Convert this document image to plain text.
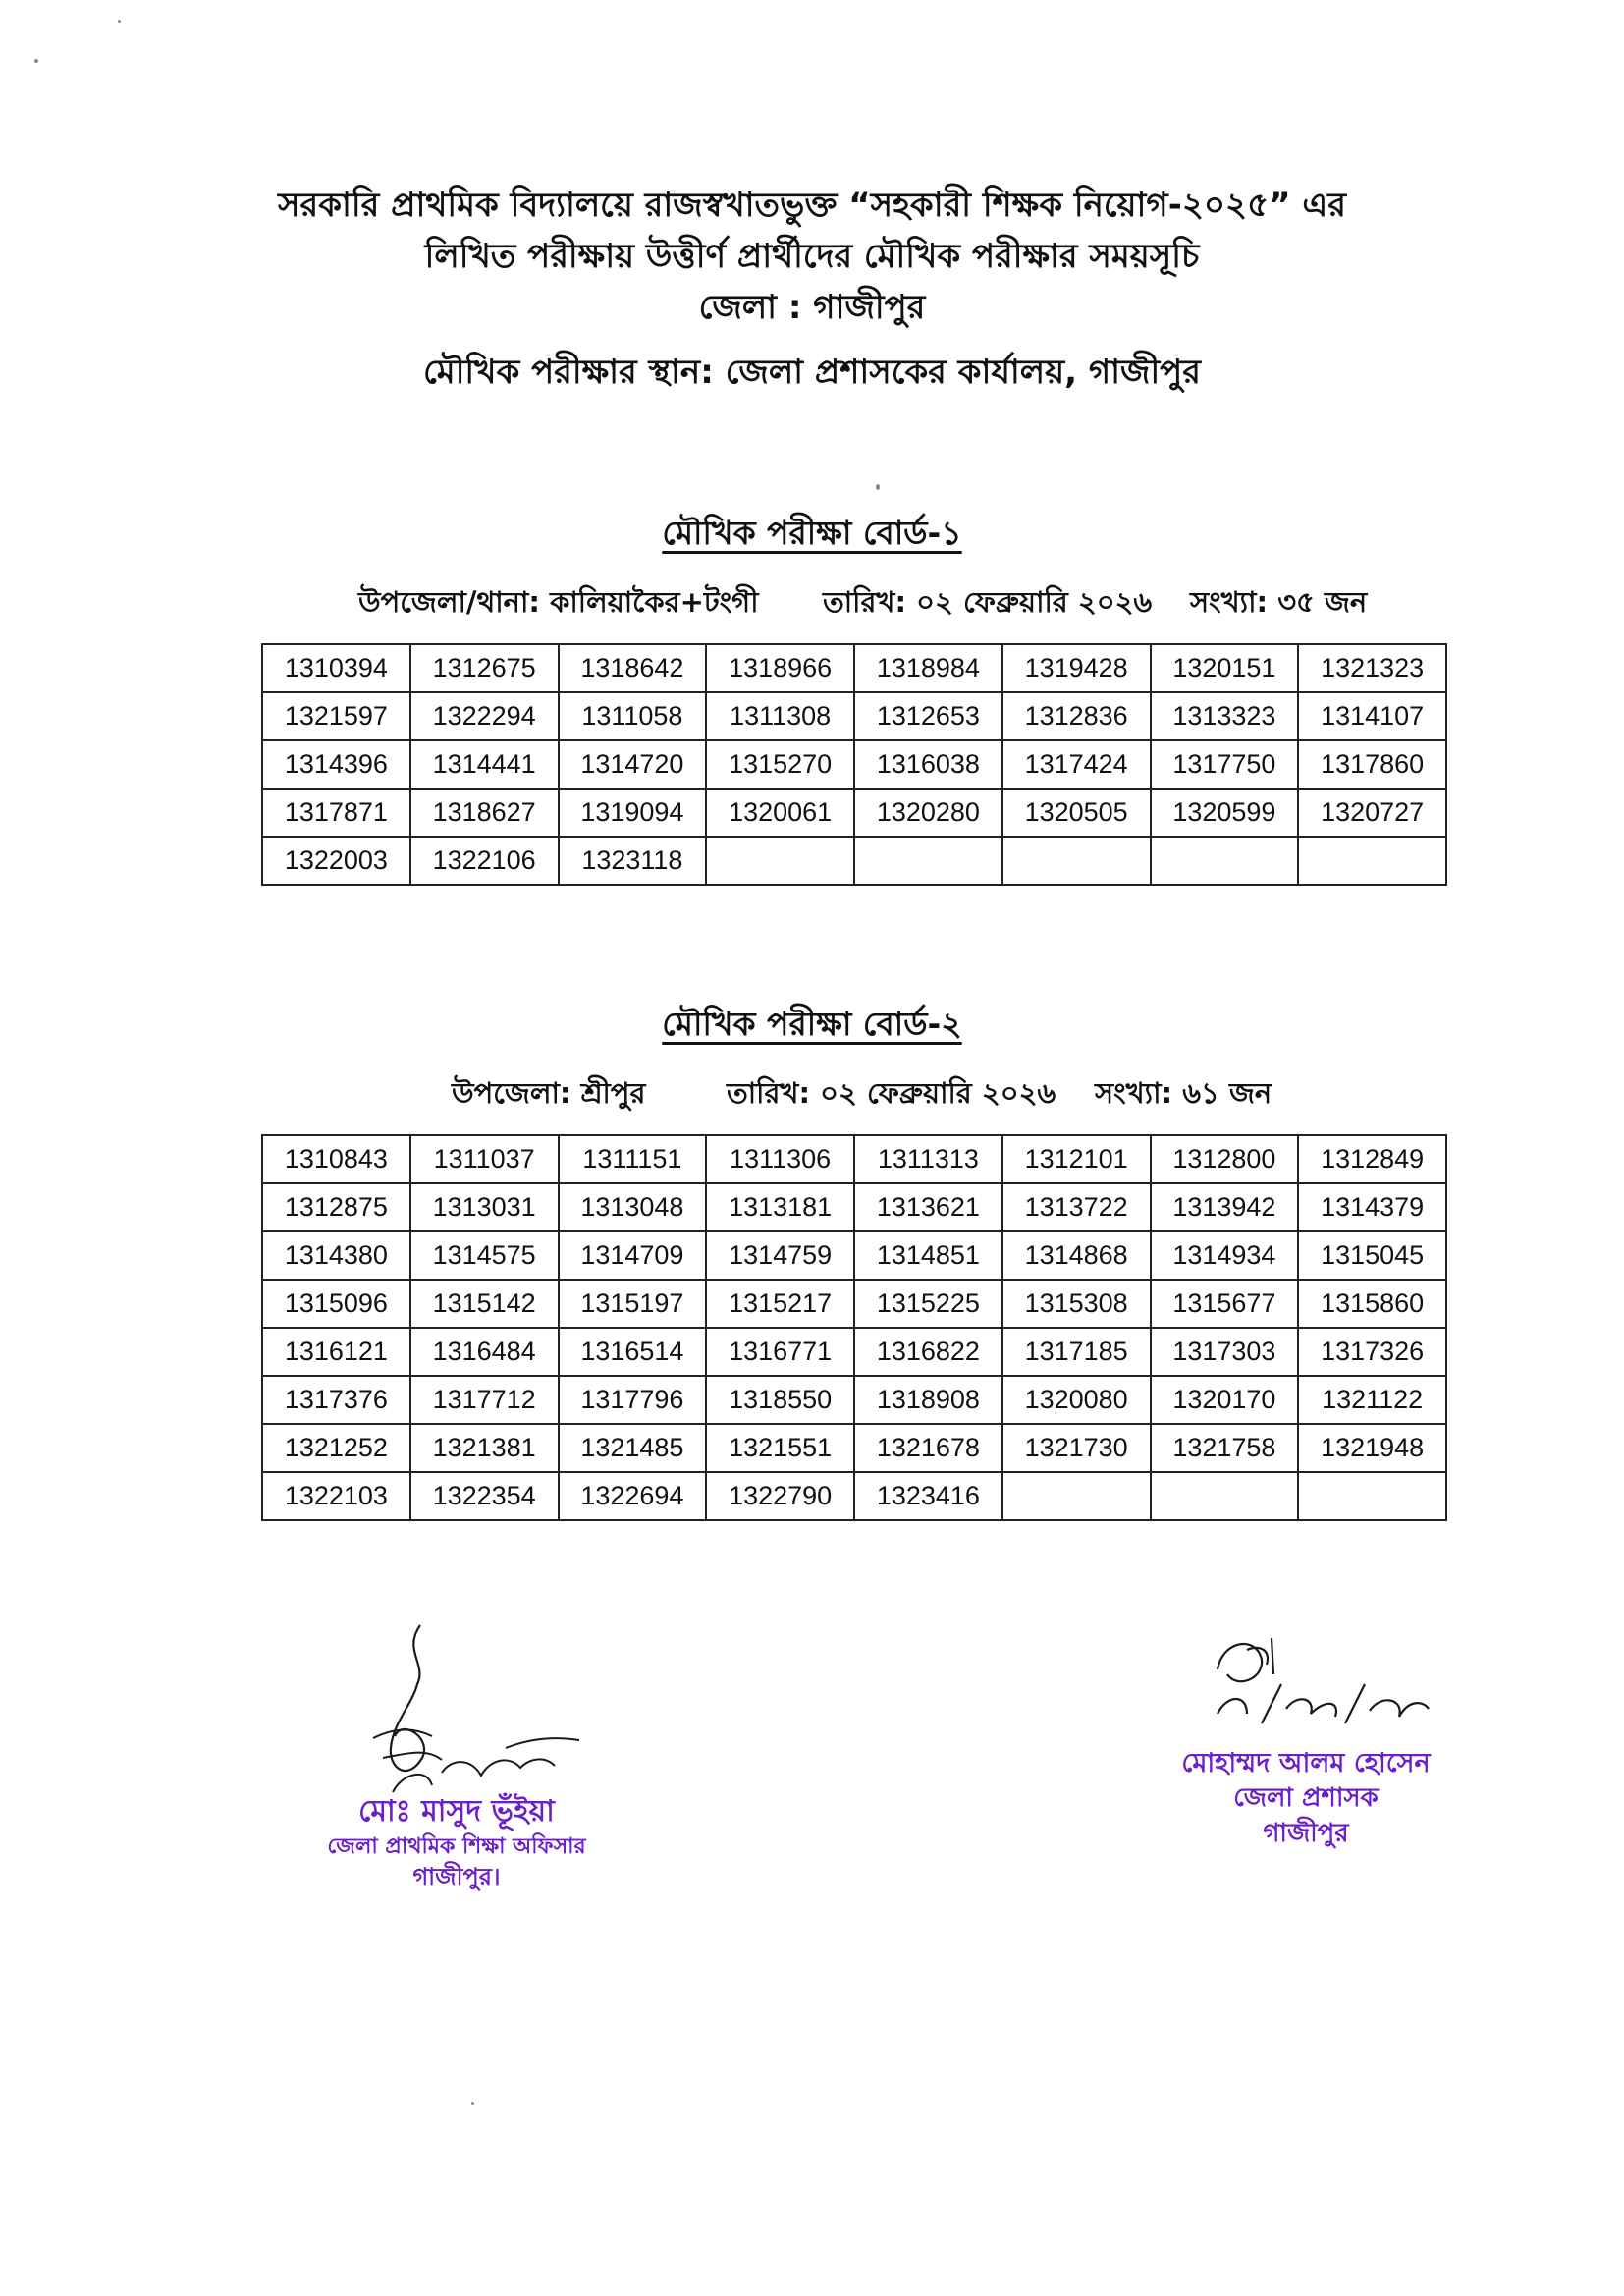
সরকারি প্রাথমিক বিদ্যালয়ে রাজস্বখাতভুক্ত “সহকারী শিক্ষক নিয়োগ-২০২৫” এর
লিখিত পরীক্ষায় উত্তীর্ণ প্রার্থীদের মৌখিক পরীক্ষার সময়সূচি
জেলা : গাজীপুর
মৌখিক পরীক্ষার স্থান: জেলা প্রশাসকের কার্যালয়, গাজীপুর
মৌখিক পরীক্ষা বোর্ড-১
উপজেলা/থানা: কালিয়াকৈর+টংগী তারিখ: ০২ ফেব্রুয়ারি ২০২৬ সংখ্যা: ৩৫ জন
1310394	1312675	1318642	1318966	1318984	1319428	1320151	1321323
1321597	1322294	1311058	1311308	1312653	1312836	1313323	1314107
1314396	1314441	1314720	1315270	1316038	1317424	1317750	1317860
1317871	1318627	1319094	1320061	1320280	1320505	1320599	1320727
1322003	1322106	1323118					
মৌখিক পরীক্ষা বোর্ড-২
উপজেলা: শ্রীপুর	তারিখ: ০২ ফেব্রুয়ারি ২০২৬ সংখ্যা: ৬১ জন
1310843	1311037	1311151	1311306	1311313	1312101	1312800	1312849
1312875	1313031	1313048	1313181	1313621	1313722	1313942	1314379
1314380	1314575	1314709	1314759	1314851	1314868	1314934	1315045
1315096	1315142	1315197	1315217	1315225	1315308	1315677	1315860
1316121	1316484	1316514	1316771	1316822	1317185	1317303	1317326
1317376	1317712	1317796	1318550	1318908	1320080	1320170	1321122
1321252	1321381	1321485	1321551	1321678	1321730	1321758	1321948
1322103	1322354	1322694	1322790	1323416			
মোঃ মাসুদ ভূঁইয়া
জেলা প্রাথমিক শিক্ষা অফিসার
গাজীপুর।
মোহাম্মদ আলম হোসেন
জেলা প্রশাসক
গাজীপুর
